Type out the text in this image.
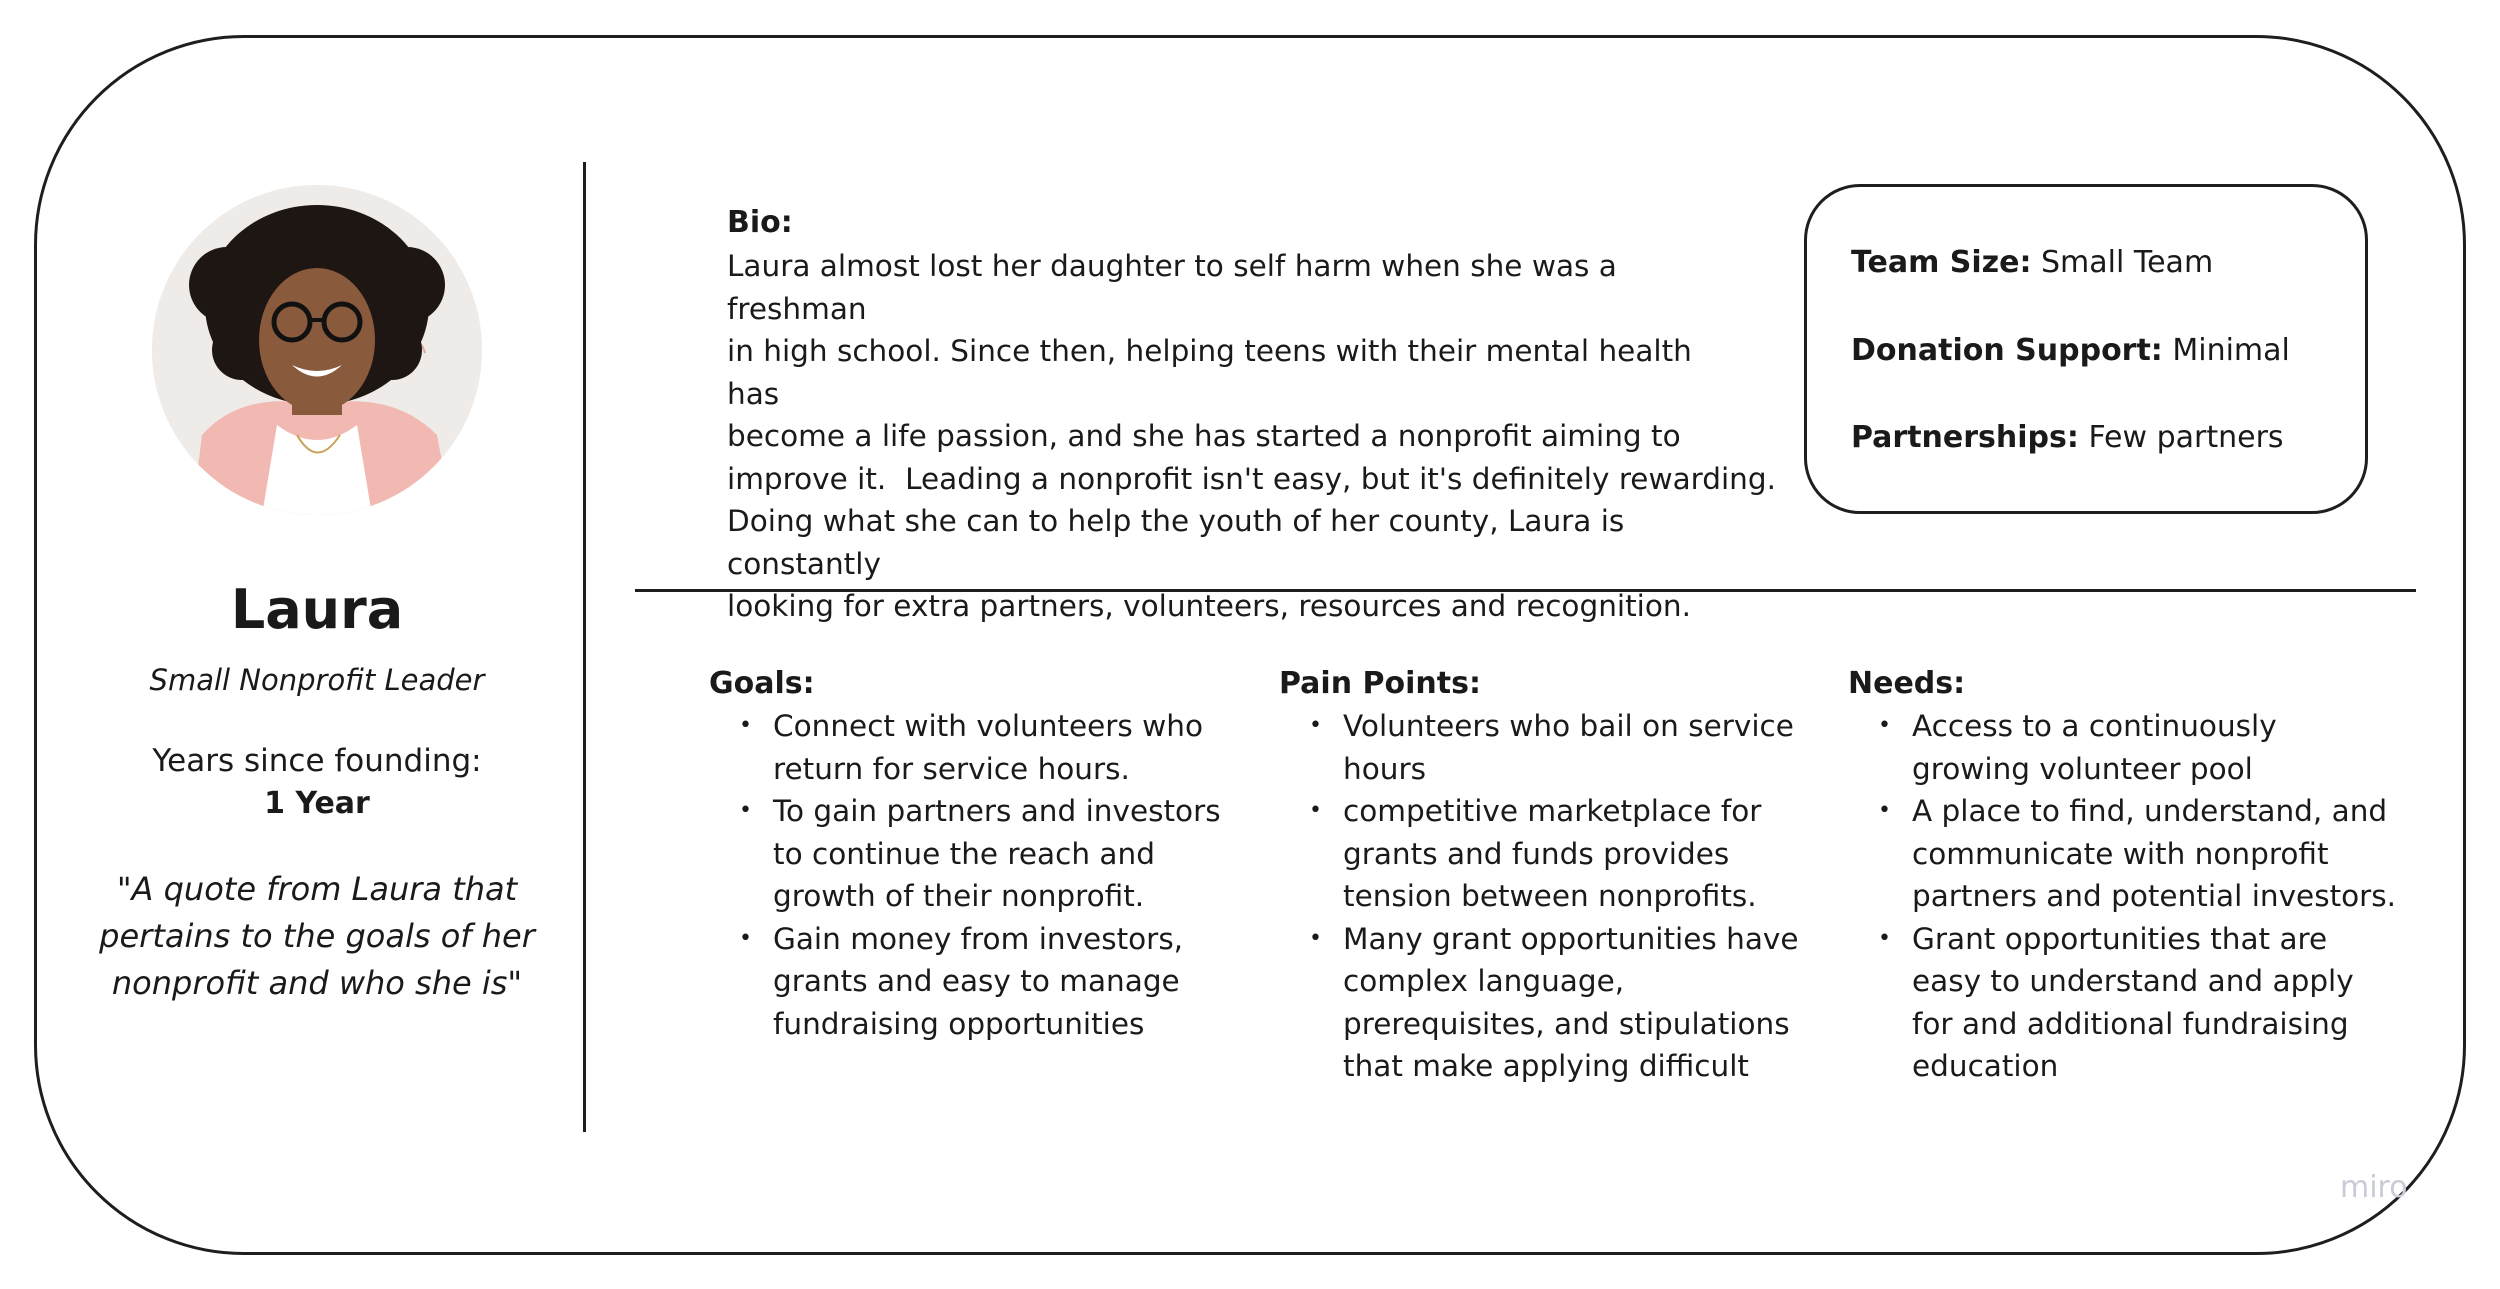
Laura
Small Nonprofit Leader
Years since founding:
1 Year
"A quote from Laura that pertains to the goals of her nonprofit and who she is"
Bio:
Laura almost lost her daughter to self harm when she was a freshman
in high school. Since then, helping teens with their mental health has
become a life passion, and she has started a nonprofit aiming to
improve it.  Leading a nonprofit isn't easy, but it's definitely rewarding.
Doing what she can to help the youth of her county, Laura is constantly
looking for extra partners, volunteers, resources and recognition.
Team Size: Small Team
Donation Support: Minimal
Partnerships: Few partners
Goals:
• Connect with volunteers who
return for service hours.
• To gain partners and investors
to continue the reach and
growth of their nonprofit.
• Gain money from investors,
grants and easy to manage
fundraising opportunities
Pain Points:
• Volunteers who bail on service
hours
• competitive marketplace for
grants and funds provides
tension between nonprofits.
• Many grant opportunities have
complex language,
prerequisites, and stipulations
that make applying difficult
Needs:
• Access to a continuously
growing volunteer pool
• A place to find, understand, and
communicate with nonprofit
partners and potential investors.
• Grant opportunities that are
easy to understand and apply
for and additional fundraising
education
miro
